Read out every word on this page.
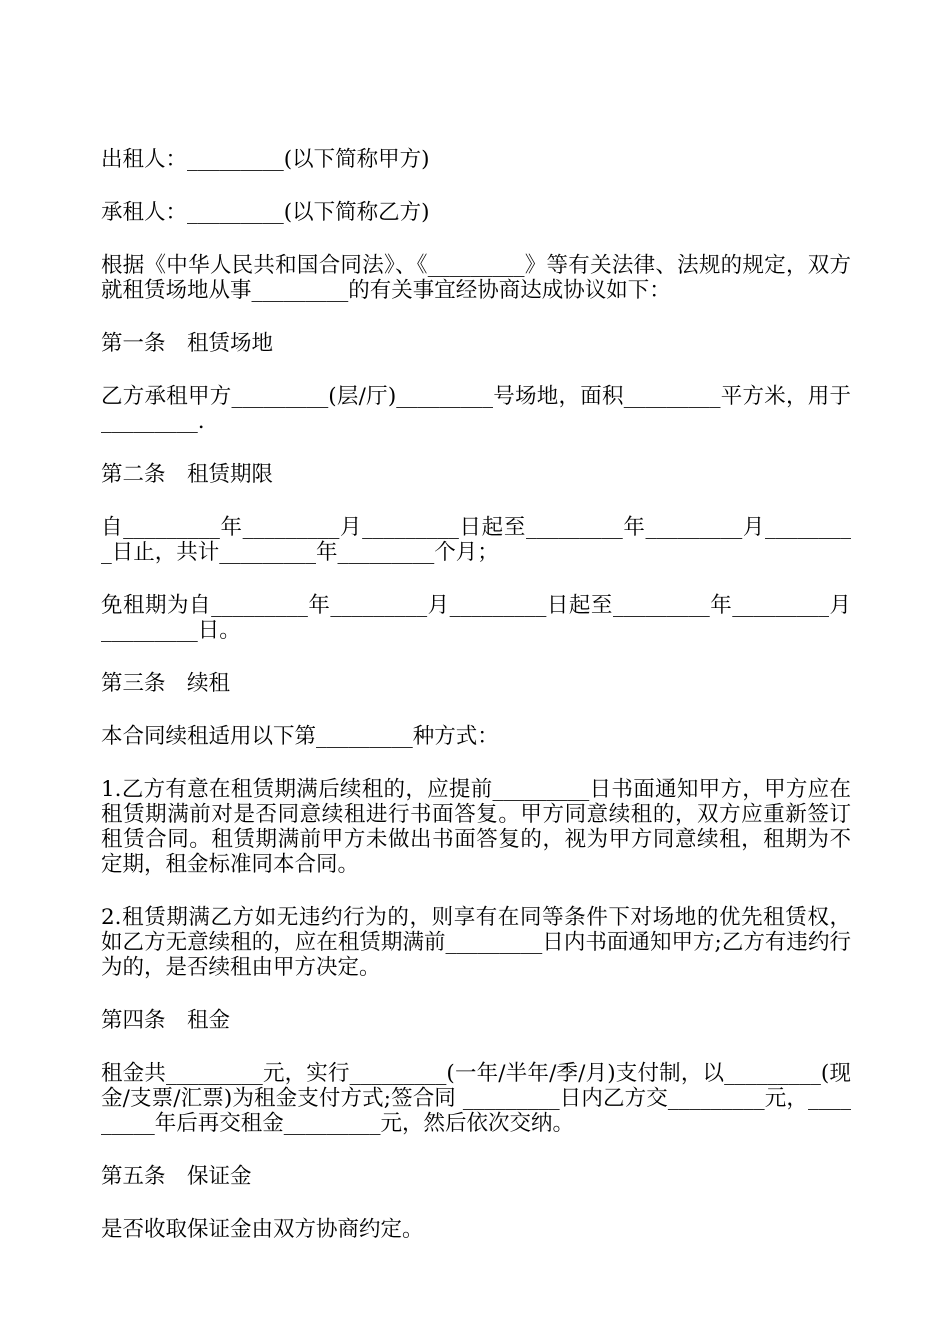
出租人：_________(以下简称甲方)

承租人：_________(以下简称乙方)

根据《中华人民共和国合同法》、《_________》等有关法律、法规的规定，双方就租赁场地从事_________的有关事宜经协商达成协议如下：

第一条　租赁场地

乙方承租甲方_________(层/厅)_________号场地，面积_________平方米，用于_________.

第二条　租赁期限

自_________年_________月_________日起至_________年_________月_________日止，共计_________年_________个月；

免租期为自_________年_________月_________日起至_________年_________月_________日。

第三条　续租

本合同续租适用以下第_________种方式：

1.乙方有意在租赁期满后续租的，应提前_________日书面通知甲方，甲方应在租赁期满前对是否同意续租进行书面答复。甲方同意续租的，双方应重新签订租赁合同。租赁期满前甲方未做出书面答复的，视为甲方同意续租，租期为不定期，租金标准同本合同。

2.租赁期满乙方如无违约行为的，则享有在同等条件下对场地的优先租赁权，如乙方无意续租的，应在租赁期满前_________日内书面通知甲方;乙方有违约行为的，是否续租由甲方决定。

第四条　租金

租金共_________元，实行_________(一年/半年/季/月)支付制，以_________(现金/支票/汇票)为租金支付方式;签合同 _________日内乙方交_________元，_________年后再交租金_________元，然后依次交纳。

第五条　保证金

是否收取保证金由双方协商约定。
